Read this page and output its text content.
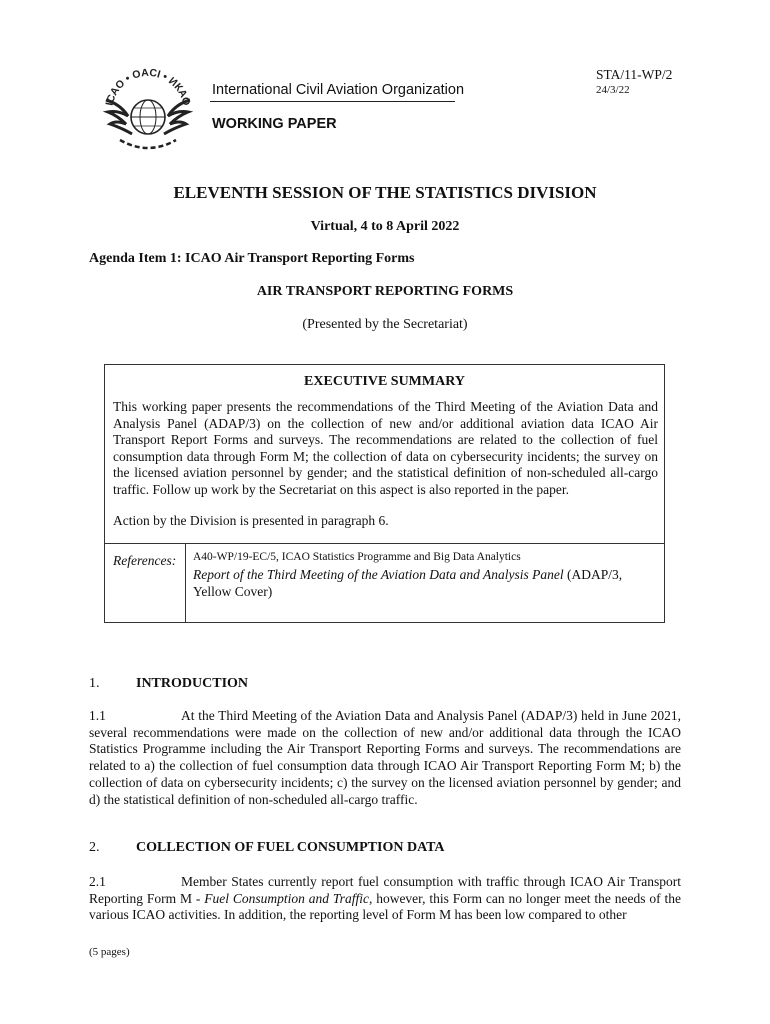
ICAO • OACI • ИКАО
International Civil Aviation Organization
WORKING PAPER
STA/11-WP/2
24/3/22
ELEVENTH SESSION OF THE STATISTICS DIVISION
Virtual, 4 to 8 April 2022
Agenda Item 1: ICAO Air Transport Reporting Forms
AIR TRANSPORT REPORTING FORMS
(Presented by the Secretariat)
EXECUTIVE SUMMARY
This working paper presents the recommendations of the Third Meeting of the Aviation Data and Analysis Panel (ADAP/3) on the collection of new and/or additional aviation data ICAO Air Transport Report Forms and surveys. The recommendations are related to the collection of fuel consumption data through Form M; the collection of data on cybersecurity incidents; the survey on the licensed aviation personnel by gender; and the statistical definition of non-scheduled all-cargo traffic. Follow up work by the Secretariat on this aspect is also reported in the paper.
Action by the Division is presented in paragraph 6.
References: A40-WP/19-EC/5, ICAO Statistics Programme and Big Data Analytics
Report of the Third Meeting of the Aviation Data and Analysis Panel (ADAP/3, Yellow Cover)
1.	INTRODUCTION
1.1	At the Third Meeting of the Aviation Data and Analysis Panel (ADAP/3) held in June 2021, several recommendations were made on the collection of new and/or additional data through the ICAO Statistics Programme including the Air Transport Reporting Forms and surveys. The recommendations are related to a) the collection of fuel consumption data through ICAO Air Transport Reporting Form M; b) the collection of data on cybersecurity incidents; c) the survey on the licensed aviation personnel by gender; and d) the statistical definition of non-scheduled all-cargo traffic.
2.	COLLECTION OF FUEL CONSUMPTION DATA
2.1	Member States currently report fuel consumption with traffic through ICAO Air Transport Reporting Form M - Fuel Consumption and Traffic, however, this Form can no longer meet the needs of the various ICAO activities. In addition, the reporting level of Form M has been low compared to other
(5 pages)
